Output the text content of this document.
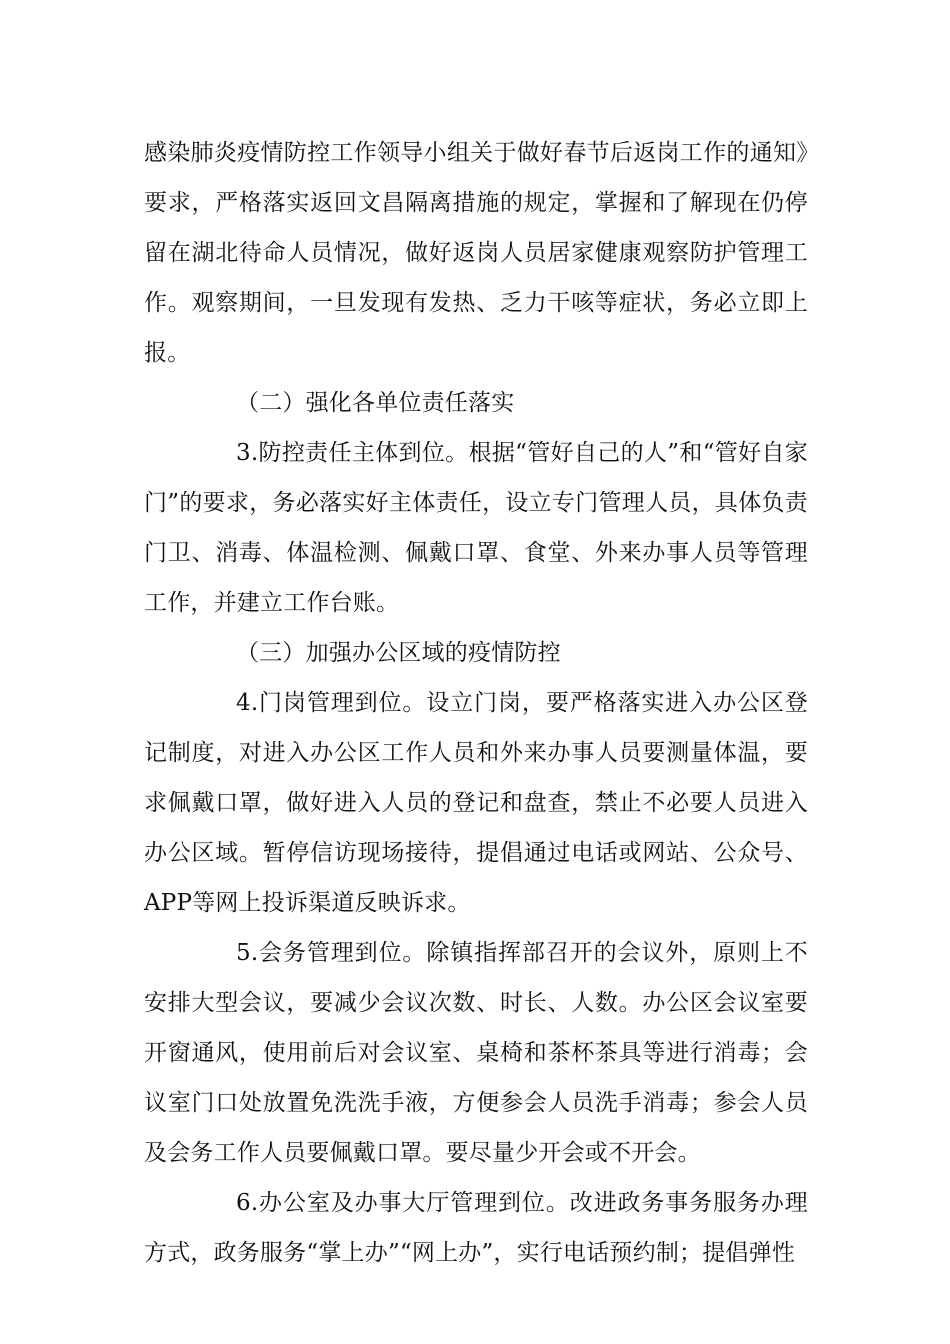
感染肺炎疫情防控工作领导小组关于做好春节后返岗工作的通知》要求，严格落实返回文昌隔离措施的规定，掌握和了解现在仍停留在湖北待命人员情况，做好返岗人员居家健康观察防护管理工作。观察期间，一旦发现有发热、乏力干咳等症状，务必立即上报。

（二）强化各单位责任落实

3.防控责任主体到位。根据“管好自己的人”和“管好自家门”的要求，务必落实好主体责任，设立专门管理人员，具体负责门卫、消毒、体温检测、佩戴口罩、食堂、外来办事人员等管理工作，并建立工作台账。

（三）加强办公区域的疫情防控

4.门岗管理到位。设立门岗，要严格落实进入办公区登记制度，对进入办公区工作人员和外来办事人员要测量体温，要求佩戴口罩，做好进入人员的登记和盘查，禁止不必要人员进入办公区域。暂停信访现场接待，提倡通过电话或网站、公众号、APP等网上投诉渠道反映诉求。

5.会务管理到位。除镇指挥部召开的会议外，原则上不安排大型会议，要减少会议次数、时长、人数。办公区会议室要开窗通风，使用前后对会议室、桌椅和茶杯茶具等进行消毒；会议室门口处放置免洗洗手液，方便参会人员洗手消毒；参会人员及会务工作人员要佩戴口罩。要尽量少开会或不开会。

6.办公室及办事大厅管理到位。改进政务事务服务办理方式，政务服务“掌上办”“网上办”，实行电话预约制；提倡弹性
